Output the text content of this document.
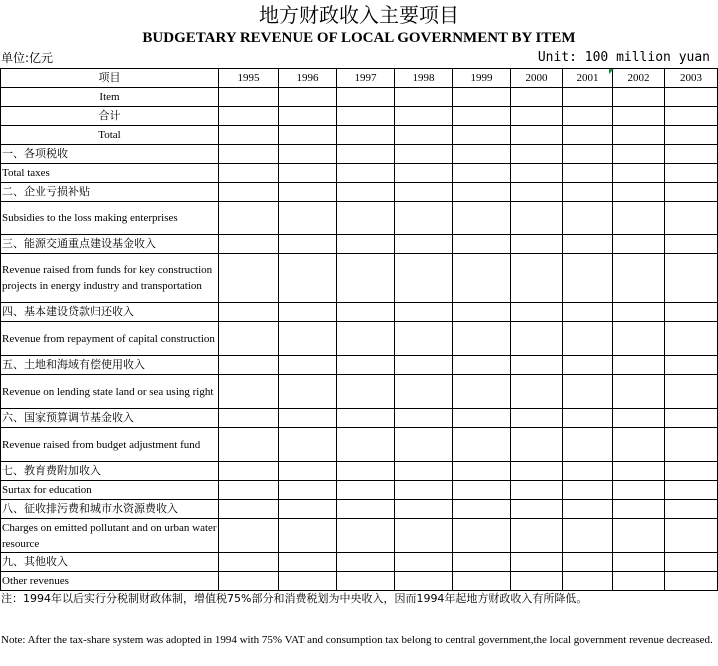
地方财政收入主要项目
BUDGETARY REVENUE OF LOCAL GOVERNMENT BY ITEM
单位:亿元	Unit: 100 million yuan
项目	1995	1996	1997	1998	1999	2000	2001	2002	2003
Item									
合计									
Total									
一、各项税收									
Total taxes									
二、企业亏损补贴									
Subsidies to the loss making enterprises									
三、能源交通重点建设基金收入									
Revenue raised from funds for key construction projects in energy industry and transportation									
四、基本建设贷款归还收入									
Revenue from repayment of capital construction									
五、土地和海域有偿使用收入									
Revenue on lending state land or sea using right									
六、国家预算调节基金收入									
Revenue raised from budget adjustment fund									
七、教育费附加收入									
Surtax for education									
八、征收排污费和城市水资源费收入									
Charges on emitted pollutant and on urban water resource									
九、其他收入									
Other revenues									
注：1994年以后实行分税制财政体制，增值税75%部分和消费税划为中央收入，因而1994年起地方财政收入有所降低。
Note: After the tax-share system was adopted in 1994 with 75% VAT and consumption tax belong to central government,the local government revenue decreased.
